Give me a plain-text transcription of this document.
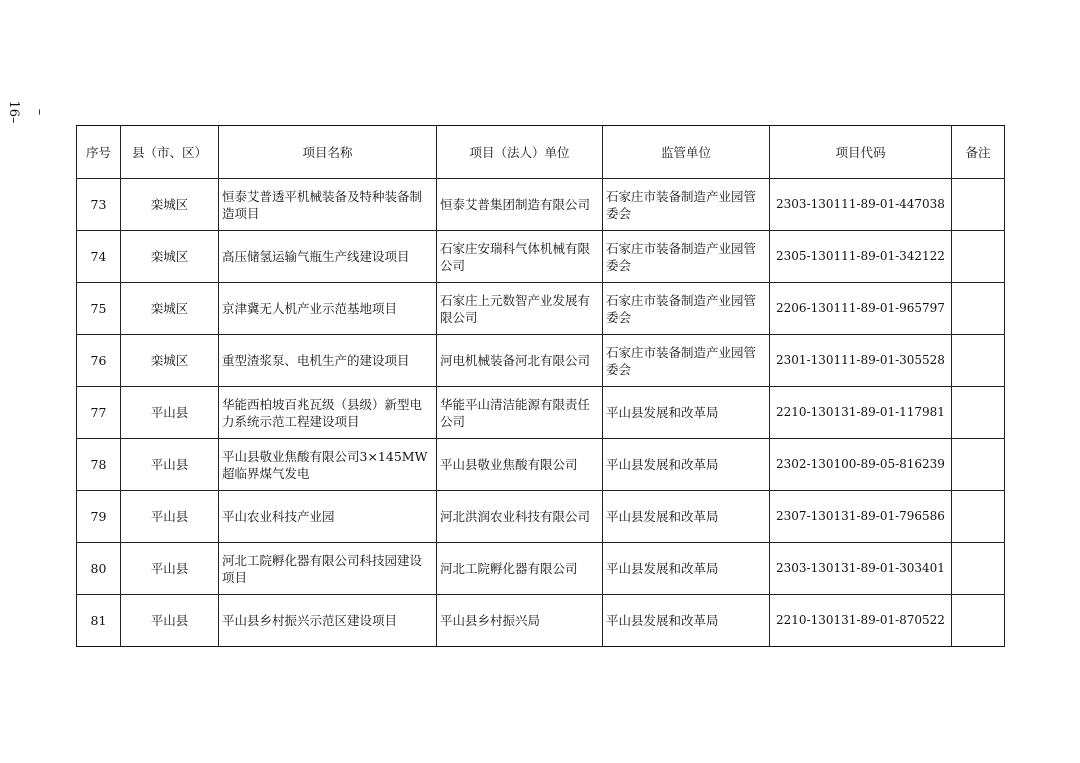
–16–
序号	县（市、区）	项目名称	项目（法人）单位	监管单位	项目代码	备注
73	栾城区	恒泰艾普透平机械装备及特种装备制造项目	恒泰艾普集团制造有限公司	石家庄市装备制造产业园管委会	2303-130111-89-01-447038	
74	栾城区	高压储氢运输气瓶生产线建设项目	石家庄安瑞科气体机械有限公司	石家庄市装备制造产业园管委会	2305-130111-89-01-342122	
75	栾城区	京津冀无人机产业示范基地项目	石家庄上元数智产业发展有限公司	石家庄市装备制造产业园管委会	2206-130111-89-01-965797	
76	栾城区	重型渣浆泵、电机生产的建设项目	河电机械装备河北有限公司	石家庄市装备制造产业园管委会	2301-130111-89-01-305528	
77	平山县	华能西柏坡百兆瓦级（县级）新型电力系统示范工程建设项目	华能平山清洁能源有限责任公司	平山县发展和改革局	2210-130131-89-01-117981	
78	平山县	平山县敬业焦酸有限公司3×145MW超临界煤气发电	平山县敬业焦酸有限公司	平山县发展和改革局	2302-130100-89-05-816239	
79	平山县	平山农业科技产业园	河北洪润农业科技有限公司	平山县发展和改革局	2307-130131-89-01-796586	
80	平山县	河北工院孵化器有限公司科技园建设项目	河北工院孵化器有限公司	平山县发展和改革局	2303-130131-89-01-303401	
81	平山县	平山县乡村振兴示范区建设项目	平山县乡村振兴局	平山县发展和改革局	2210-130131-89-01-870522	
